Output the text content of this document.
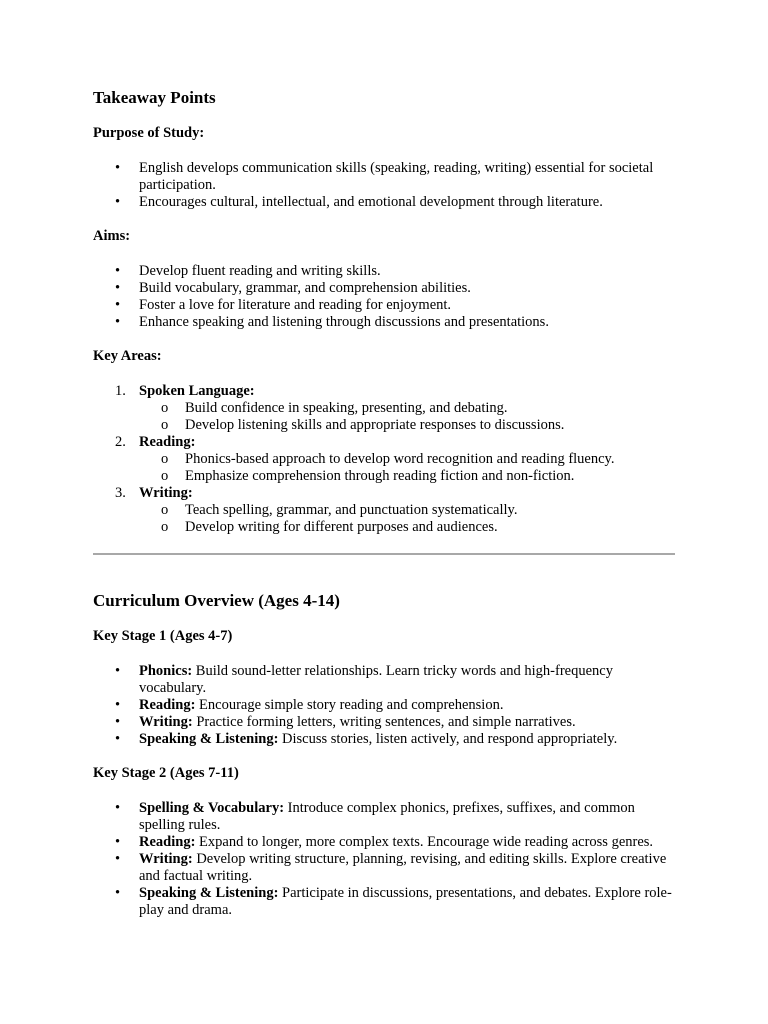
Takeaway Points
Purpose of Study:
• English develops communication skills (speaking, reading, writing) essential for societal participation.
• Encourages cultural, intellectual, and emotional development through literature.
Aims:
• Develop fluent reading and writing skills.
• Build vocabulary, grammar, and comprehension abilities.
• Foster a love for literature and reading for enjoyment.
• Enhance speaking and listening through discussions and presentations.
Key Areas:
1. Spoken Language:
o Build confidence in speaking, presenting, and debating.
o Develop listening skills and appropriate responses to discussions.
2. Reading:
o Phonics-based approach to develop word recognition and reading fluency.
o Emphasize comprehension through reading fiction and non-fiction.
3. Writing:
o Teach spelling, grammar, and punctuation systematically.
o Develop writing for different purposes and audiences.
Curriculum Overview (Ages 4-14)
Key Stage 1 (Ages 4-7)
• Phonics: Build sound-letter relationships. Learn tricky words and high-frequency vocabulary.
• Reading: Encourage simple story reading and comprehension.
• Writing: Practice forming letters, writing sentences, and simple narratives.
• Speaking & Listening: Discuss stories, listen actively, and respond appropriately.
Key Stage 2 (Ages 7-11)
• Spelling & Vocabulary: Introduce complex phonics, prefixes, suffixes, and common spelling rules.
• Reading: Expand to longer, more complex texts. Encourage wide reading across genres.
• Writing: Develop writing structure, planning, revising, and editing skills. Explore creative and factual writing.
• Speaking & Listening: Participate in discussions, presentations, and debates. Explore role-play and drama.
